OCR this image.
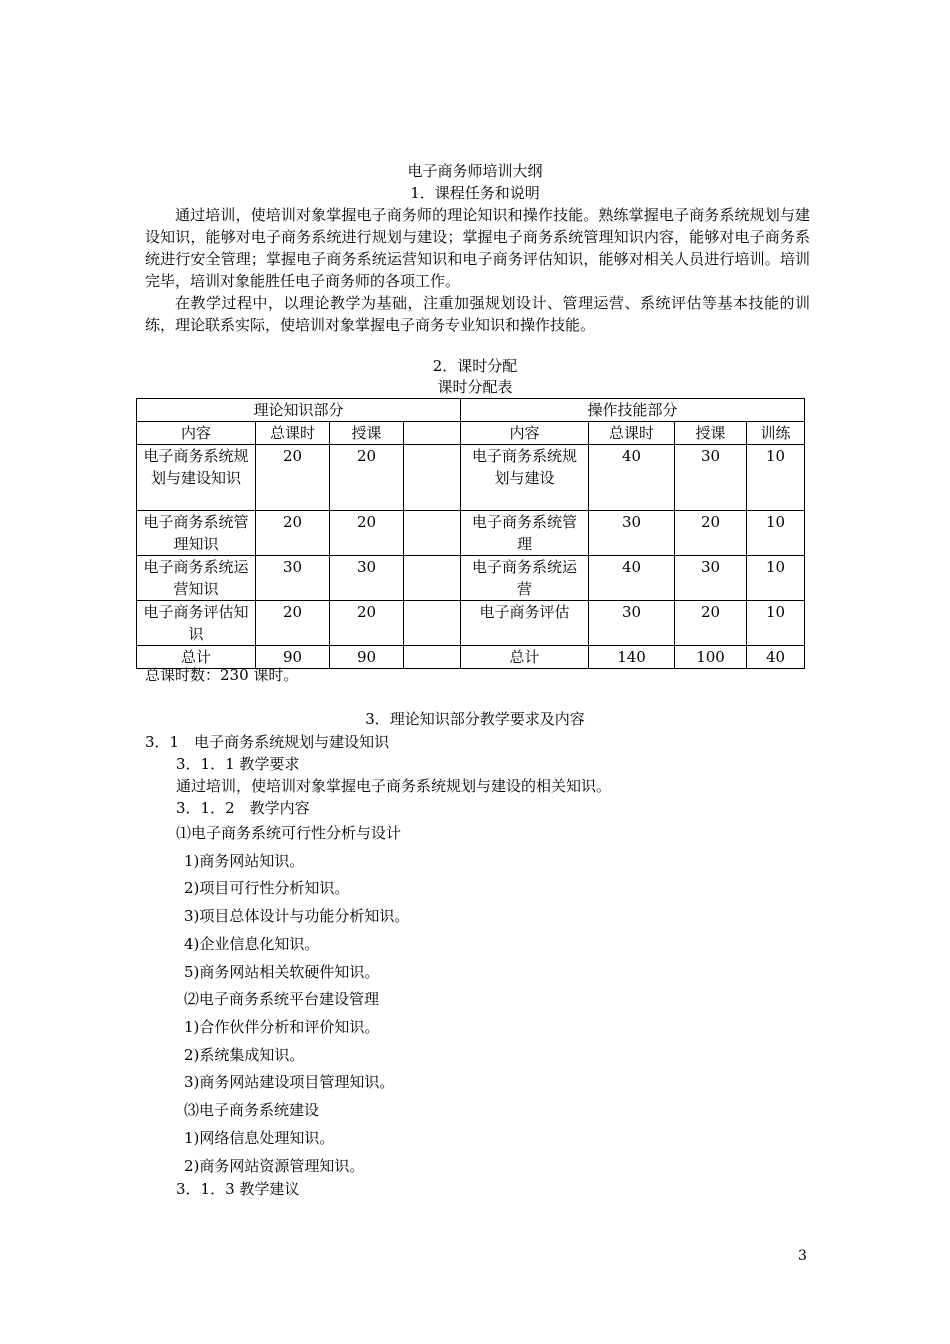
电子商务师培训大纲
1．课程任务和说明

通过培训，使培训对象掌握电子商务师的理论知识和操作技能。熟练掌握电子商务系统规划与建设知识，能够对电子商务系统进行规划与建设；掌握电子商务系统管理知识内容，能够对电子商务系统进行安全管理；掌握电子商务系统运营知识和电子商务评估知识，能够对相关人员进行培训。培训完毕，培训对象能胜任电子商务师的各项工作。

在教学过程中，以理论教学为基础，注重加强规划设计、管理运营、系统评估等基本技能的训练，理论联系实际，使培训对象掌握电子商务专业知识和操作技能。

2．课时分配
课时分配表
理论知识部分				操作技能部分			
内容	总课时	授课		内容	总课时	授课	训练
电子商务系统规划与建设知识	20	20		电子商务系统规划与建设	40	30	10
电子商务系统管理知识	20	20		电子商务系统管理	30	20	10
电子商务系统运营知识	30	30		电子商务系统运营	40	30	10
电子商务评估知识	20	20		电子商务评估	30	20	10
总计	90	90		总计	140	100	40
总课时数：230 课时。
3．理论知识部分教学要求及内容
3．1　电子商务系统规划与建设知识
3．1．1 教学要求
通过培训，使培训对象掌握电子商务系统规划与建设的相关知识。
3．1．2　教学内容
⑴电子商务系统可行性分析与设计
1)商务网站知识。
2)项目可行性分析知识。
3)项目总体设计与功能分析知识。
4)企业信息化知识。
5)商务网站相关软硬件知识。
⑵电子商务系统平台建设管理
1)合作伙伴分析和评价知识。
2)系统集成知识。
3)商务网站建设项目管理知识。
⑶电子商务系统建设
1)网络信息处理知识。
2)商务网站资源管理知识。
3．1．3 教学建议
3
